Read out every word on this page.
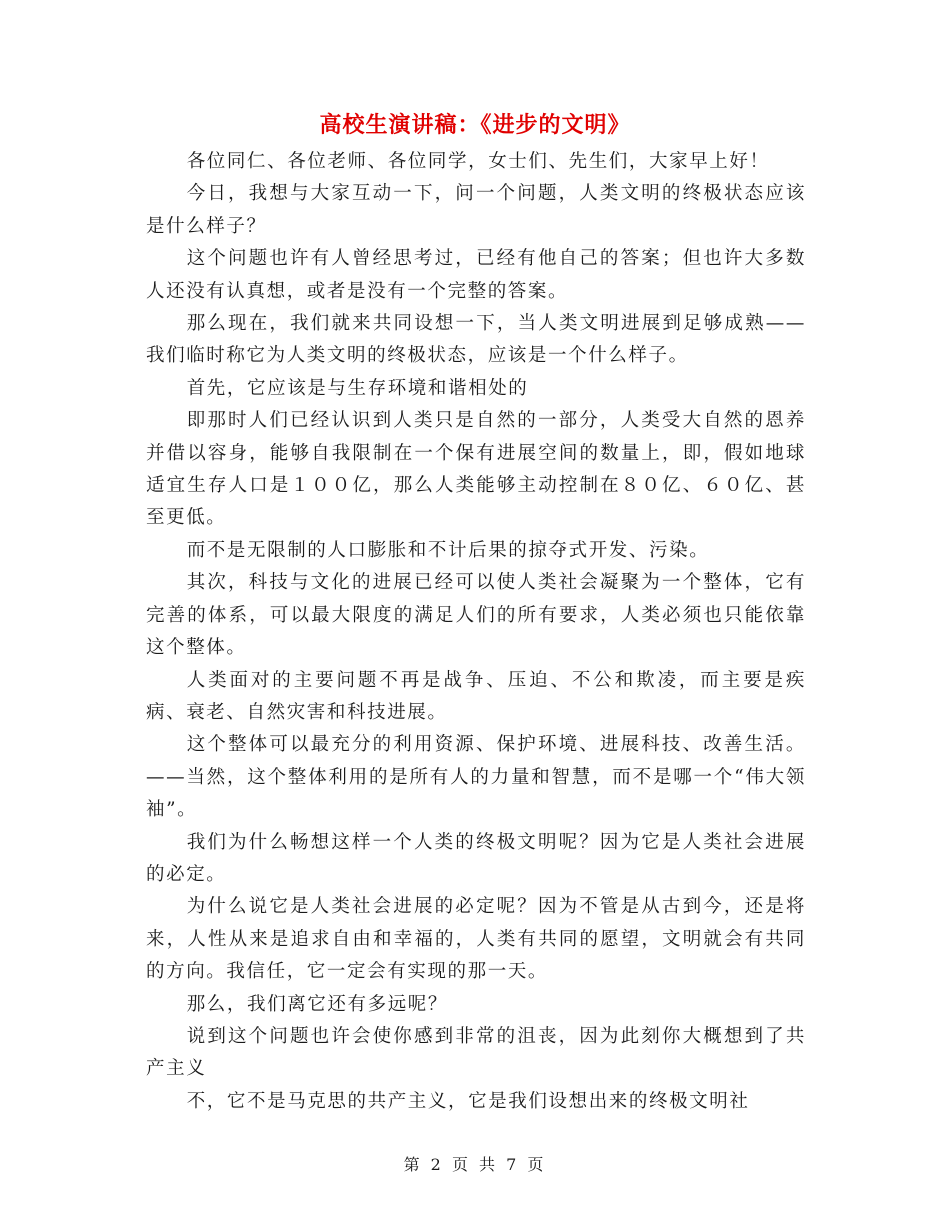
高校生演讲稿：《进步的文明》

各位同仁、各位老师、各位同学，女士们、先生们，大家早上好！

今日，我想与大家互动一下，问一个问题，人类文明的终极状态应该是什么样子？

这个问题也许有人曾经思考过，已经有他自己的答案；但也许大多数人还没有认真想，或者是没有一个完整的答案。

那么现在，我们就来共同设想一下，当人类文明进展到足够成熟——我们临时称它为人类文明的终极状态，应该是一个什么样子。

首先，它应该是与生存环境和谐相处的

即那时人们已经认识到人类只是自然的一部分，人类受大自然的恩养并借以容身，能够自我限制在一个保有进展空间的数量上，即，假如地球适宜生存人口是１００亿，那么人类能够主动控制在８０亿、６０亿、甚至更低。

而不是无限制的人口膨胀和不计后果的掠夺式开发、污染。

其次，科技与文化的进展已经可以使人类社会凝聚为一个整体，它有完善的体系，可以最大限度的满足人们的所有要求，人类必须也只能依靠这个整体。

人类面对的主要问题不再是战争、压迫、不公和欺凌，而主要是疾病、衰老、自然灾害和科技进展。

这个整体可以最充分的利用资源、保护环境、进展科技、改善生活。——当然，这个整体利用的是所有人的力量和智慧，而不是哪一个“伟大领袖”。

我们为什么畅想这样一个人类的终极文明呢？因为它是人类社会进展的必定。

为什么说它是人类社会进展的必定呢？因为不管是从古到今，还是将来，人性从来是追求自由和幸福的，人类有共同的愿望，文明就会有共同的方向。我信任，它一定会有实现的那一天。

那么，我们离它还有多远呢？

说到这个问题也许会使你感到非常的沮丧，因为此刻你大概想到了共产主义

不，它不是马克思的共产主义，它是我们设想出来的终极文明社

第 2 页 共 7 页
